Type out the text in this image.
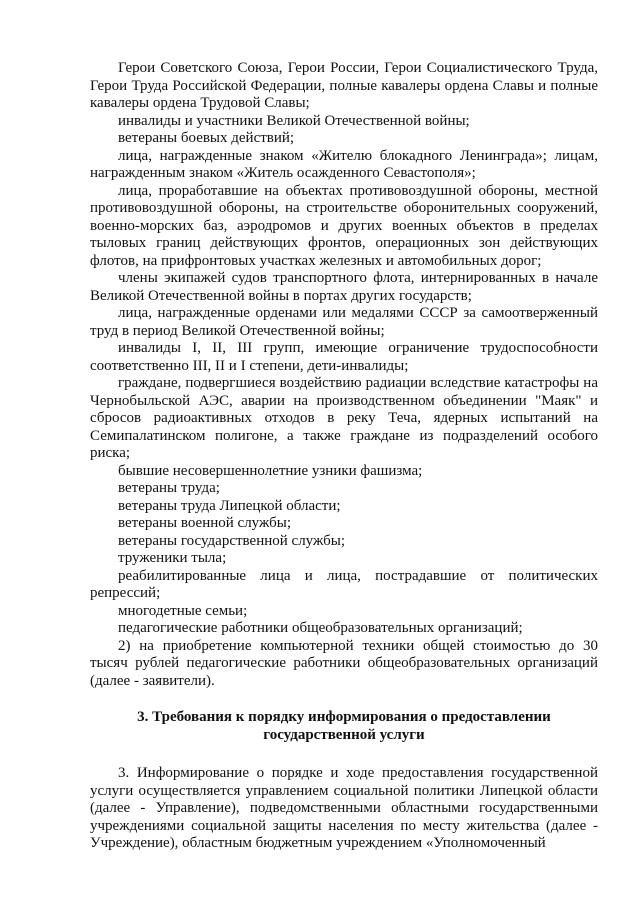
Герои Советского Союза, Герои России, Герои Социалистического Труда, Герои Труда Российской Федерации, полные кавалеры ордена Славы и полные кавалеры ордена Трудовой Славы;

инвалиды и участники Великой Отечественной войны;

ветераны боевых действий;

лица, награжденные знаком «Жителю блокадного Ленинграда»; лицам, награжденным знаком «Житель осажденного Севастополя»;

лица, проработавшие на объектах противовоздушной обороны, местной противовоздушной обороны, на строительстве оборонительных сооружений, военно-морских баз, аэродромов и других военных объектов в пределах тыловых границ действующих фронтов, операционных зон действующих флотов, на прифронтовых участках железных и автомобильных дорог;

члены экипажей судов транспортного флота, интернированных в начале Великой Отечественной войны в портах других государств;

лица, награжденные орденами или медалями СССР за самоотверженный труд в период Великой Отечественной войны;

инвалиды I, II, III групп, имеющие ограничение трудоспособности соответственно III, II и I степени, дети-инвалиды;

граждане, подвергшиеся воздействию радиации вследствие катастрофы на Чернобыльской АЭС, аварии на производственном объединении "Маяк" и сбросов радиоактивных отходов в реку Теча, ядерных испытаний на Семипалатинском полигоне, а также граждане из подразделений особого риска;

бывшие несовершеннолетние узники фашизма;

ветераны труда;

ветераны труда Липецкой области;

ветераны военной службы;

ветераны государственной службы;

труженики тыла;

реабилитированные лица и лица, пострадавшие от политических репрессий;

многодетные семьи;

педагогические работники общеобразовательных организаций;

2) на приобретение компьютерной техники общей стоимостью до 30 тысяч рублей педагогические работники общеобразовательных организаций (далее - заявители).

3. Требования к порядку информирования о предоставлении государственной услуги

3. Информирование о порядке и ходе предоставления государственной услуги осуществляется управлением социальной политики Липецкой области (далее - Управление), подведомственными областными государственными учреждениями социальной защиты населения по месту жительства (далее - Учреждение), областным бюджетным учреждением «Уполномоченный
